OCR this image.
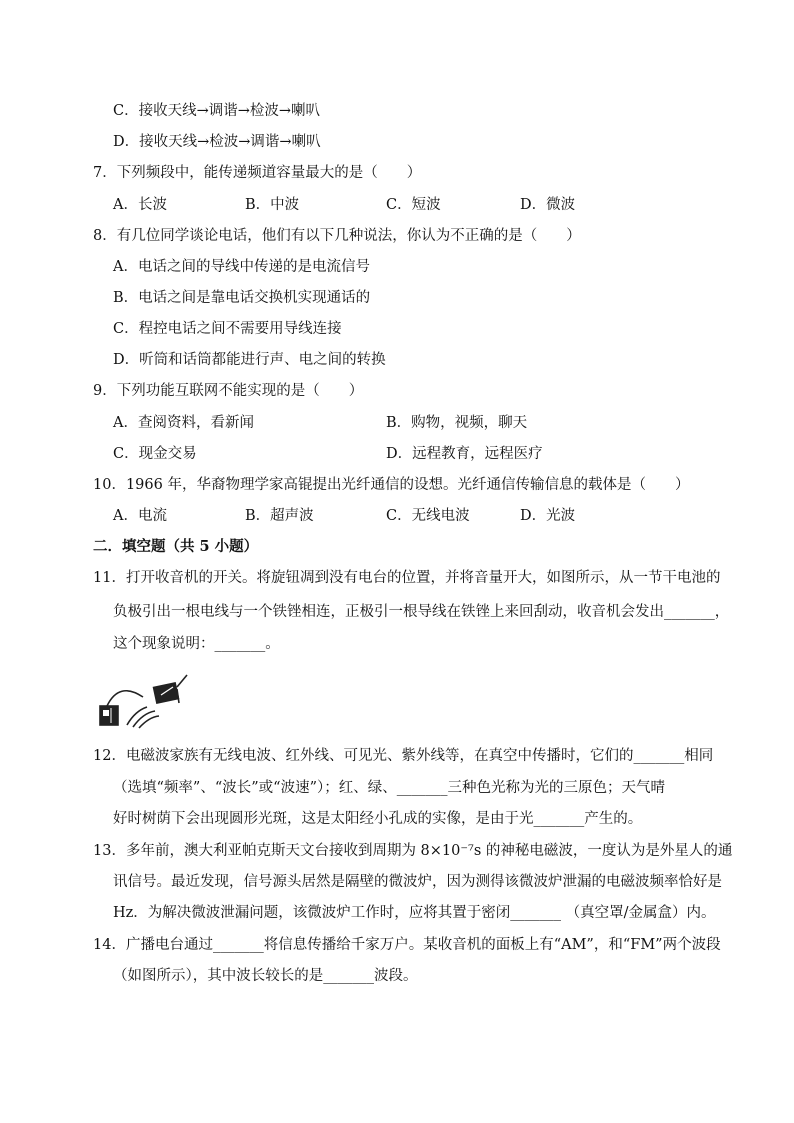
C．接收天线→调谐→检波→喇叭
D．接收天线→检波→调谐→喇叭
7．下列频段中，能传递频道容量最大的是（　　）
A．长波	B．中波	C．短波	D．微波
8．有几位同学谈论电话，他们有以下几种说法，你认为不正确的是（　　）
A．电话之间的导线中传递的是电流信号
B．电话之间是靠电话交换机实现通话的
C．程控电话之间不需要用导线连接
D．听筒和话筒都能进行声、电之间的转换
9．下列功能互联网不能实现的是（　　）
A．查阅资料，看新闻	B．购物，视频，聊天
C．现金交易	D．远程教育，远程医疗
10．1966 年，华裔物理学家高锟提出光纤通信的设想。光纤通信传输信息的载体是（　　）
A．电流	B．超声波	C．无线电波	D．光波
二．填空题（共 5 小题）
11．打开收音机的开关。将旋钮凋到没有电台的位置，并将音量开大，如图所示，从一节干电池的
负极引出一根电线与一个铁锉相连，正极引一根导线在铁锉上来回刮动，收音机会发出_______，
这个现象说明：_______。
12．电磁波家族有无线电波、红外线、可见光、紫外线等，在真空中传播时，它们的_______相同
（选填“频率”、“波长”或“波速”）；红、绿、_______三种色光称为光的三原色；天气晴
好时树荫下会出现圆形光斑，这是太阳经小孔成的实像，是由于光_______产生的。
13．多年前，澳大利亚帕克斯天文台接收到周期为 8×10⁻⁷s 的神秘电磁波，一度认为是外星人的通
讯信号。最近发现，信号源头居然是隔壁的微波炉，因为测得该微波炉泄漏的电磁波频率恰好是
Hz．为解决微波泄漏问题，该微波炉工作时，应将其置于密闭_______ （真空罩/金属盒）内。
14．广播电台通过_______将信息传播给千家万户。某收音机的面板上有“AM”，和“FM”两个波段
（如图所示），其中波长较长的是_______波段。
